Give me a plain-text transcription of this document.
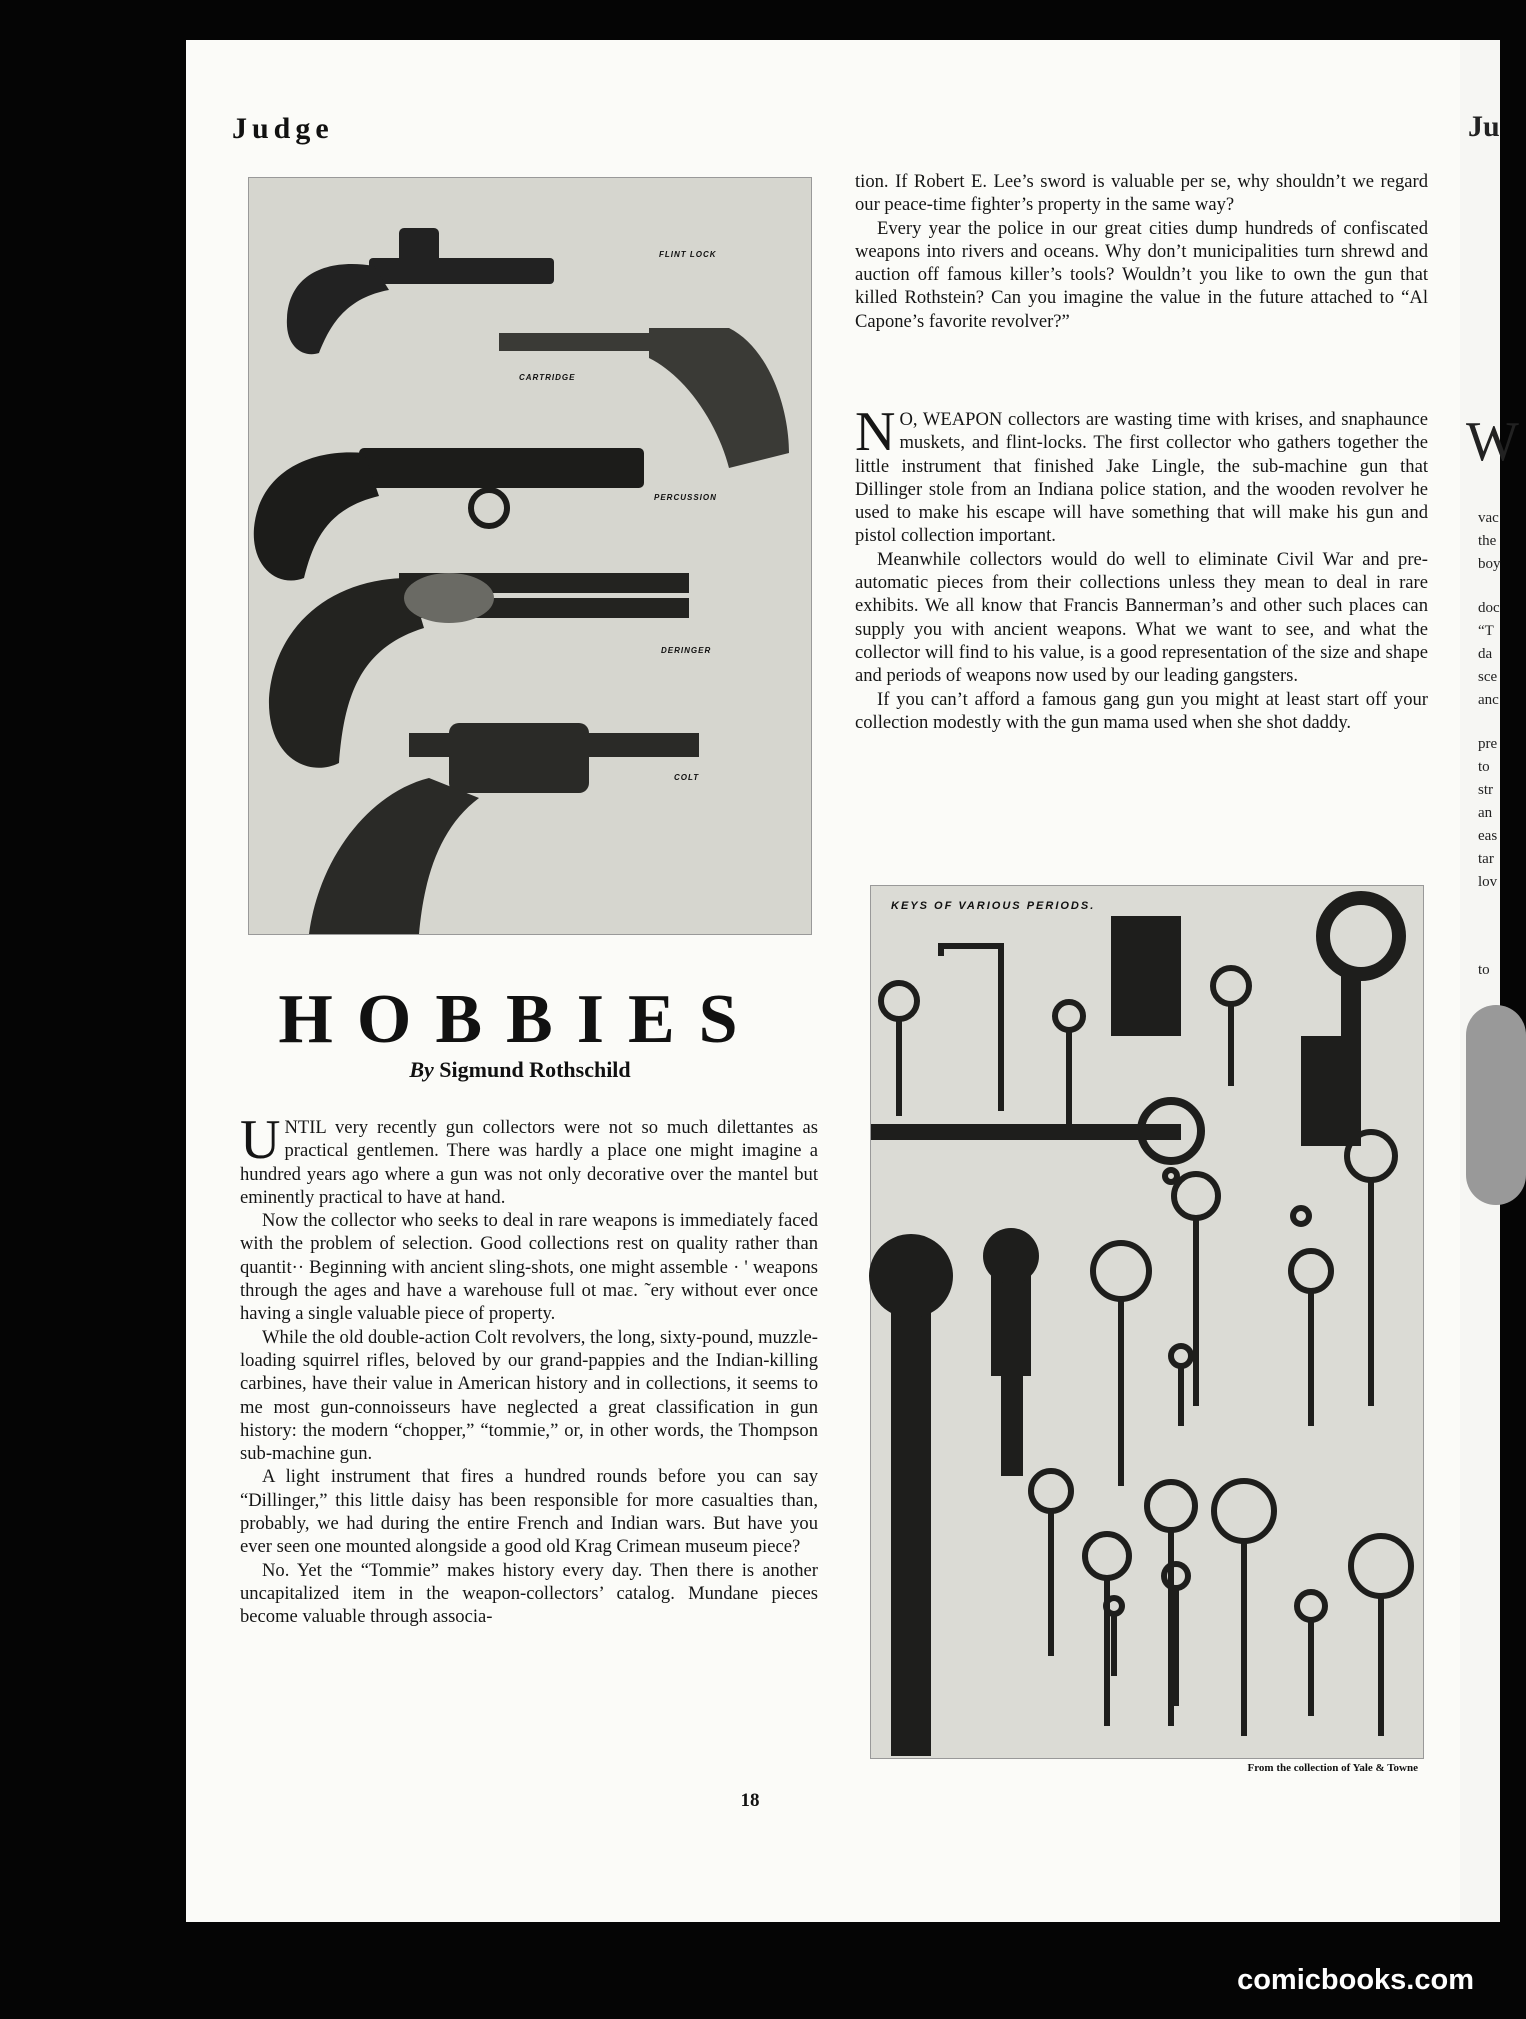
Ju
W
vac
the
boy
doc
“T
da
sce
anc
pre
to
str
an
eas
tar
lov
to
Judge
FLINT LOCK
CARTRIDGE
PERCUSSION
DERINGER
COLT
HOBBIES
By Sigmund Rothschild

UNTIL very recently gun collectors were not so much dilettantes as practical gentlemen. There was hardly a place one might imagine a hundred years ago where a gun was not only decorative over the mantel but eminently practical to have at hand.

Now the collector who seeks to deal in rare weapons is immediately faced with the problem of selection. Good collections rest on quality rather than quantit·· Beginning with ancient sling-shots, one might assemble · ' weapons through the ages and have a warehouse full ot maε. ˜ery without ever once having a single valuable piece of property.

While the old double-action Colt revolvers, the long, sixty-pound, muzzle-loading squirrel rifles, beloved by our grand-pappies and the Indian-killing carbines, have their value in American history and in collections, it seems to me most gun-connoisseurs have neglected a great classification in gun history: the modern “chopper,” “tommie,” or, in other words, the Thompson sub-machine gun.

A light instrument that fires a hundred rounds before you can say “Dillinger,” this little daisy has been responsible for more casualties than, probably, we had during the entire French and Indian wars. But have you ever seen one mounted alongside a good old Krag Crimean museum piece?

No. Yet the “Tommie” makes history every day. Then there is another uncapitalized item in the weapon-collectors’ catalog. Mundane pieces become valuable through associa-

tion. If Robert E. Lee’s sword is valuable per se, why shouldn’t we regard our peace-time fighter’s property in the same way?

Every year the police in our great cities dump hundreds of confiscated weapons into rivers and oceans. Why don’t municipalities turn shrewd and auction off famous killer’s tools? Wouldn’t you like to own the gun that killed Rothstein? Can you imagine the value in the future attached to “Al Capone’s favorite revolver?”

N O, WEAPON collectors are wasting time with krises, and snaphaunce muskets, and flint-locks. The first collector who gathers together the little instrument that finished Jake Lingle, the sub-machine gun that Dillinger stole from an Indiana police station, and the wooden revolver he used to make his escape will have something that will make his gun and pistol collection important.

Meanwhile collectors would do well to eliminate Civil War and pre-automatic pieces from their collections unless they mean to deal in rare exhibits. We all know that Francis Bannerman’s and other such places can supply you with ancient weapons. What we want to see, and what the collector will find to his value, is a good representation of the size and shape and periods of weapons now used by our leading gangsters.

If you can’t afford a famous gang gun you might at least start off your collection modestly with the gun mama used when she shot daddy.

KEYS OF VARIOUS PERIODS.
From the collection of Yale & Towne
18
comicbooks.com
